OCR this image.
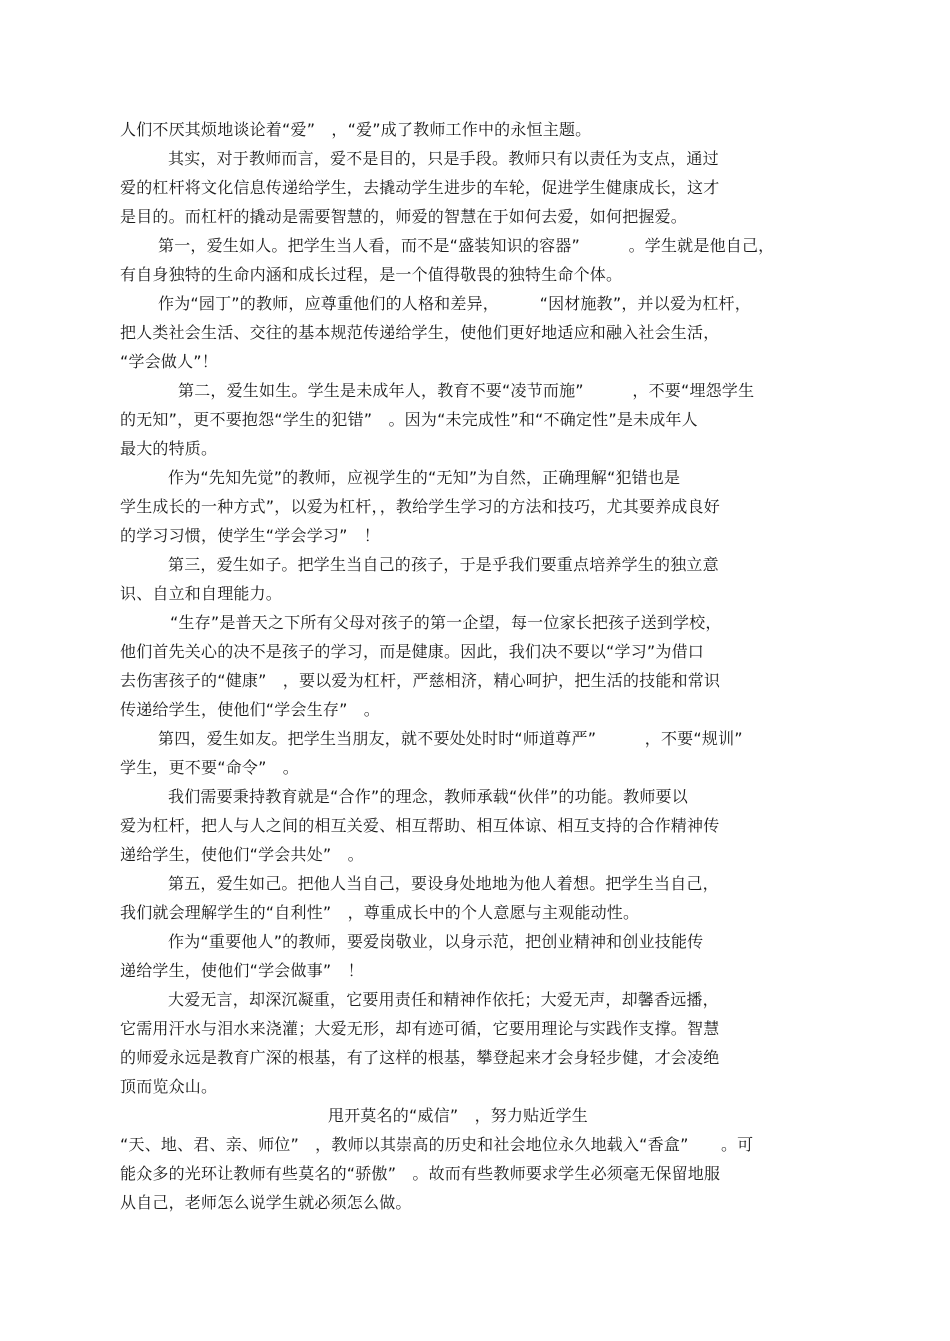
人们不厌其烦地谈论着“爱”　，“爱”成了教师工作中的永恒主题。
其实，对于教师而言，爱不是目的，只是手段。教师只有以责任为支点，通过
爱的杠杆将文化信息传递给学生，去撬动学生进步的车轮，促进学生健康成长，这才
是目的。而杠杆的撬动是需要智慧的，师爱的智慧在于如何去爱，如何把握爱。
第一，爱生如人。把学生当人看，而不是“盛装知识的容器”　　　。学生就是他自己，
有自身独特的生命内涵和成长过程，是一个值得敬畏的独特生命个体。
作为“园丁”的教师，应尊重他们的人格和差异，　　　“因材施教”，并以爱为杠杆，
把人类社会生活、交往的基本规范传递给学生，使他们更好地适应和融入社会生活，
“学会做人”！
第二，爱生如生。学生是未成年人，教育不要“凌节而施”　　　，不要“埋怨学生
的无知”，更不要抱怨“学生的犯错”　。因为“未完成性”和“不确定性”是未成年人
最大的特质。
作为“先知先觉”的教师，应视学生的“无知”为自然，正确理解“犯错也是
学生成长的一种方式”，以爱为杠杆，，教给学生学习的方法和技巧，尤其要养成良好
的学习习惯，使学生“学会学习”　！
第三，爱生如子。把学生当自己的孩子，于是乎我们要重点培养学生的独立意
识、自立和自理能力。
“生存”是普天之下所有父母对孩子的第一企望，每一位家长把孩子送到学校，
他们首先关心的决不是孩子的学习，而是健康。因此，我们决不要以“学习”为借口
去伤害孩子的“健康”　，要以爱为杠杆，严慈相济，精心呵护，把生活的技能和常识
传递给学生，使他们“学会生存”　。
第四，爱生如友。把学生当朋友，就不要处处时时“师道尊严”　　　，不要“规训”
学生，更不要“命令”　。
我们需要秉持教育就是“合作”的理念，教师承载“伙伴”的功能。教师要以
爱为杠杆，把人与人之间的相互关爱、相互帮助、相互体谅、相互支持的合作精神传
递给学生，使他们“学会共处”　。
第五，爱生如己。把他人当自己，要设身处地地为他人着想。把学生当自己，
我们就会理解学生的“自利性”　，尊重成长中的个人意愿与主观能动性。
作为“重要他人”的教师，要爱岗敬业，以身示范，把创业精神和创业技能传
递给学生，使他们“学会做事”　！
大爱无言，却深沉凝重，它要用责任和精神作依托；大爱无声，却馨香远播，
它需用汗水与泪水来浇灌；大爱无形，却有迹可循，它要用理论与实践作支撑。智慧
的师爱永远是教育广深的根基，有了这样的根基，攀登起来才会身轻步健，才会凌绝
顶而览众山。
甩开莫名的“威信”　，努力贴近学生
“天、地、君、亲、师位”　，教师以其崇高的历史和社会地位永久地载入“香盒”　　。可
能众多的光环让教师有些莫名的“骄傲”　。故而有些教师要求学生必须毫无保留地服
从自己，老师怎么说学生就必须怎么做。
